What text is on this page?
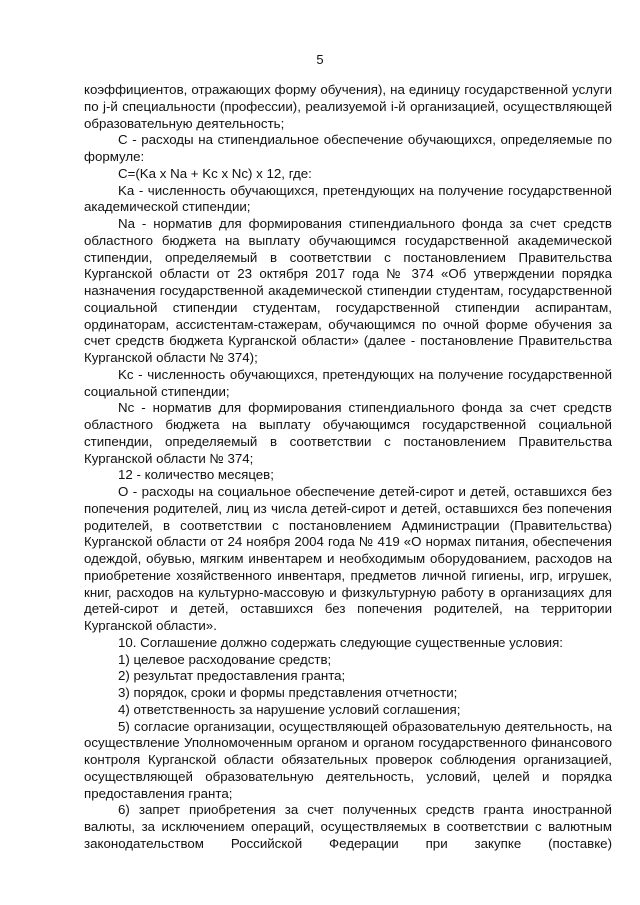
5

коэффициентов, отражающих форму обучения), на единицу государственной услуги по j-й специальности (профессии), реализуемой i-й организацией, осуществляющей образовательную деятельность;

С - расходы на стипендиальное обеспечение обучающихся, определяемые по формуле:

С=(Kа x Nа + Kс x Nс) x 12, где:

Kа - численность обучающихся, претендующих на получение государственной академической стипендии;

Nа - норматив для формирования стипендиального фонда за счет средств областного бюджета на выплату обучающимся государственной академической стипендии, определяемый в соответствии с постановлением Правительства Курганской области от 23 октября 2017 года № 374 «Об утверждении порядка назначения государственной академической стипендии студентам, государственной социальной стипендии студентам, государственной стипендии аспирантам, ординаторам, ассистентам-стажерам, обучающимся по очной форме обучения за счет средств бюджета Курганской области» (далее - постановление Правительства Курганской области № 374);

Kс - численность обучающихся, претендующих на получение государственной социальной стипендии;

Nс - норматив для формирования стипендиального фонда за счет средств областного бюджета на выплату обучающимся государственной социальной стипендии, определяемый в соответствии с постановлением Правительства Курганской области № 374;

12 - количество месяцев;

О - расходы на социальное обеспечение детей-сирот и детей, оставшихся без попечения родителей, лиц из числа детей-сирот и детей, оставшихся без попечения родителей, в соответствии с постановлением Администрации (Правительства) Курганской области от 24 ноября 2004 года № 419 «О нормах питания, обеспечения одеждой, обувью, мягким инвентарем и необходимым оборудованием, расходов на приобретение хозяйственного инвентаря, предметов личной гигиены, игр, игрушек, книг, расходов на культурно-массовую и физкультурную работу в организациях для детей-сирот и детей, оставшихся без попечения родителей, на территории Курганской области».

10. Соглашение должно содержать следующие существенные условия:

1) целевое расходование средств;

2) результат предоставления гранта;

3) порядок, сроки и формы представления отчетности;

4) ответственность за нарушение условий соглашения;

5) согласие организации, осуществляющей образовательную деятельность, на осуществление Уполномоченным органом и органом государственного финансового контроля Курганской области обязательных проверок соблюдения организацией, осуществляющей образовательную деятельность, условий, целей и порядка предоставления гранта;

6) запрет приобретения за счет полученных средств гранта иностранной валюты, за исключением операций, осуществляемых в соответствии с валютным законодательством Российской Федерации при закупке (поставке)
